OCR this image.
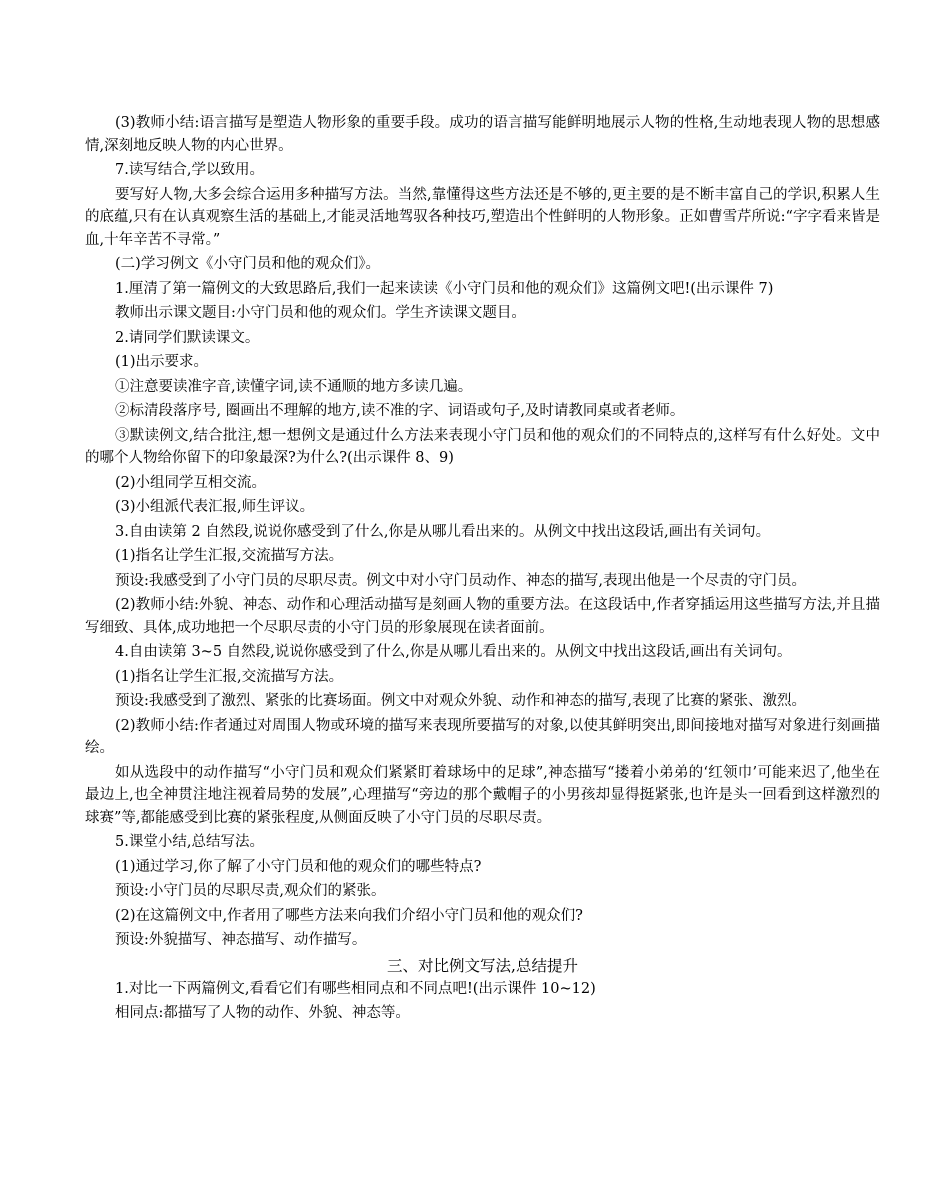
(3)教师小结:语言描写是塑造人物形象的重要手段。成功的语言描写能鲜明地展示人物的性格,生动地表现人物的思想感情,深刻地反映人物的内心世界。

7.读写结合,学以致用。

要写好人物,大多会综合运用多种描写方法。当然,靠懂得这些方法还是不够的,更主要的是不断丰富自己的学识,积累人生的底蕴,只有在认真观察生活的基础上,才能灵活地驾驭各种技巧,塑造出个性鲜明的人物形象。正如曹雪芹所说:“字字看来皆是血,十年辛苦不寻常。”

(二)学习例文《小守门员和他的观众们》。

1.厘清了第一篇例文的大致思路后,我们一起来读读《小守门员和他的观众们》这篇例文吧!(出示课件 7)

教师出示课文题目:小守门员和他的观众们。学生齐读课文题目。

2.请同学们默读课文。

(1)出示要求。

①注意要读准字音,读懂字词,读不通顺的地方多读几遍。

②标清段落序号, 圈画出不理解的地方,读不准的字、词语或句子,及时请教同桌或者老师。

③默读例文,结合批注,想一想例文是通过什么方法来表现小守门员和他的观众们的不同特点的,这样写有什么好处。文中的哪个人物给你留下的印象最深?为什么?(出示课件 8、9)

(2)小组同学互相交流。

(3)小组派代表汇报,师生评议。

3.自由读第 2 自然段,说说你感受到了什么,你是从哪儿看出来的。从例文中找出这段话,画出有关词句。

(1)指名让学生汇报,交流描写方法。

预设:我感受到了小守门员的尽职尽责。例文中对小守门员动作、神态的描写,表现出他是一个尽责的守门员。

(2)教师小结:外貌、神态、动作和心理活动描写是刻画人物的重要方法。在这段话中,作者穿插运用这些描写方法,并且描写细致、具体,成功地把一个尽职尽责的小守门员的形象展现在读者面前。

4.自由读第 3~5 自然段,说说你感受到了什么,你是从哪儿看出来的。从例文中找出这段话,画出有关词句。

(1)指名让学生汇报,交流描写方法。

预设:我感受到了激烈、紧张的比赛场面。例文中对观众外貌、动作和神态的描写,表现了比赛的紧张、激烈。

(2)教师小结:作者通过对周围人物或环境的描写来表现所要描写的对象,以使其鲜明突出,即间接地对描写对象进行刻画描绘。

如从选段中的动作描写“小守门员和观众们紧紧盯着球场中的足球”,神态描写“搂着小弟弟的‘红领巾’可能来迟了,他坐在最边上,也全神贯注地注视着局势的发展”,心理描写“旁边的那个戴帽子的小男孩却显得挺紧张,也许是头一回看到这样激烈的球赛”等,都能感受到比赛的紧张程度,从侧面反映了小守门员的尽职尽责。

5.课堂小结,总结写法。

(1)通过学习,你了解了小守门员和他的观众们的哪些特点?

预设:小守门员的尽职尽责,观众们的紧张。

(2)在这篇例文中,作者用了哪些方法来向我们介绍小守门员和他的观众们?

预设:外貌描写、神态描写、动作描写。

三、对比例文写法,总结提升

1.对比一下两篇例文,看看它们有哪些相同点和不同点吧!(出示课件 10~12)

相同点:都描写了人物的动作、外貌、神态等。
